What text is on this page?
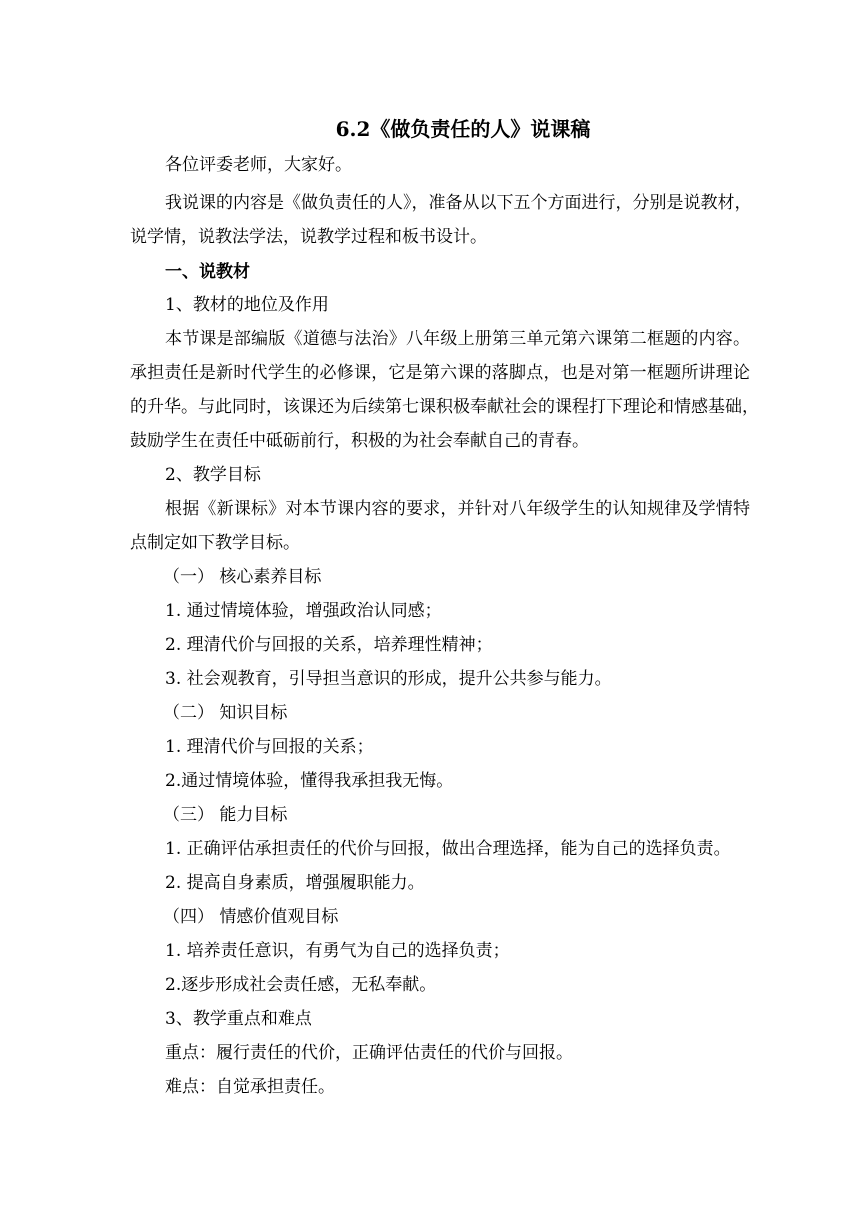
6.2《做负责任的人》说课稿
各位评委老师，大家好。
我说课的内容是《做负责任的人》，准备从以下五个方面进行，分别是说教材，
说学情，说教法学法，说教学过程和板书设计。
一、说教材
1、教材的地位及作用
本节课是部编版《道德与法治》八年级上册第三单元第六课第二框题的内容。
承担责任是新时代学生的必修课，它是第六课的落脚点，也是对第一框题所讲理论
的升华。与此同时，该课还为后续第七课积极奉献社会的课程打下理论和情感基础，
鼓励学生在责任中砥砺前行，积极的为社会奉献自己的青春。
2、教学目标
根据《新课标》对本节课内容的要求，并针对八年级学生的认知规律及学情特
点制定如下教学目标。
（一） 核心素养目标
1. 通过情境体验，增强政治认同感；
2. 理清代价与回报的关系，培养理性精神；
3. 社会观教育，引导担当意识的形成，提升公共参与能力。
（二） 知识目标
1. 理清代价与回报的关系；
2.通过情境体验，懂得我承担我无悔。
（三） 能力目标
1. 正确评估承担责任的代价与回报，做出合理选择，能为自己的选择负责。
2. 提高自身素质，增强履职能力。
（四） 情感价值观目标
1. 培养责任意识，有勇气为自己的选择负责；
2.逐步形成社会责任感，无私奉献。
3、教学重点和难点
重点：履行责任的代价，正确评估责任的代价与回报。
难点：自觉承担责任。
